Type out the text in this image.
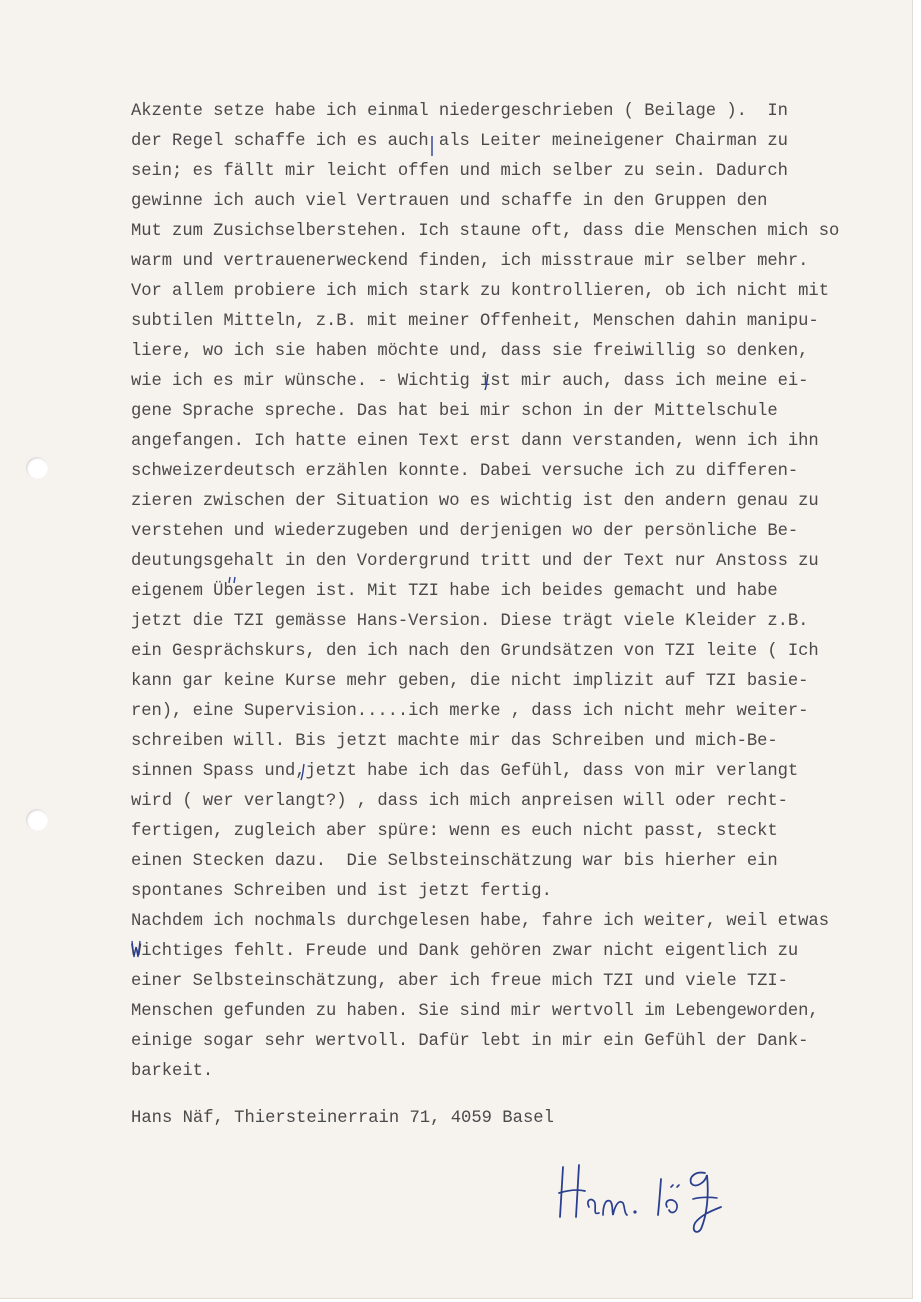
Akzente setze habe ich einmal niedergeschrieben ( Beilage ).  In
der Regel schaffe ich es auch als Leiter meineigener Chairman zu
sein; es fällt mir leicht offen und mich selber zu sein. Dadurch
gewinne ich auch viel Vertrauen und schaffe in den Gruppen den
Mut zum Zusichselberstehen. Ich staune oft, dass die Menschen mich so
warm und vertrauenerweckend finden, ich misstraue mir selber mehr.
Vor allem probiere ich mich stark zu kontrollieren, ob ich nicht mit
subtilen Mitteln, z.B. mit meiner Offenheit, Menschen dahin manipu-
liere, wo ich sie haben möchte und, dass sie freiwillig so denken,
wie ich es mir wünsche. - Wichtig ist mir auch, dass ich meine ei-
gene Sprache spreche. Das hat bei mir schon in der Mittelschule
angefangen. Ich hatte einen Text erst dann verstanden, wenn ich ihn
schweizerdeutsch erzählen konnte. Dabei versuche ich zu differen-
zieren zwischen der Situation wo es wichtig ist den andern genau zu
verstehen und wiederzugeben und derjenigen wo der persönliche Be-
deutungsgehalt in den Vordergrund tritt und der Text nur Anstoss zu
eigenem Überlegen ist. Mit TZI habe ich beides gemacht und habe
jetzt die TZI gemässe Hans-Version. Diese trägt viele Kleider z.B.
ein Gesprächskurs, den ich nach den Grundsätzen von TZI leite ( Ich
kann gar keine Kurse mehr geben, die nicht implizit auf TZI basie-
ren), eine Supervision.....ich merke , dass ich nicht mehr weiter-
schreiben will. Bis jetzt machte mir das Schreiben und mich-Be-
sinnen Spass und,jetzt habe ich das Gefühl, dass von mir verlangt
wird ( wer verlangt?) , dass ich mich anpreisen will oder recht-
fertigen, zugleich aber spüre: wenn es euch nicht passt, steckt
einen Stecken dazu.  Die Selbsteinschätzung war bis hierher ein
spontanes Schreiben und ist jetzt fertig.
Nachdem ich nochmals durchgelesen habe, fahre ich weiter, weil etwas
Wichtiges fehlt. Freude und Dank gehören zwar nicht eigentlich zu
einer Selbsteinschätzung, aber ich freue mich TZI und viele TZI-
Menschen gefunden zu haben. Sie sind mir wertvoll im Lebengeworden,
einige sogar sehr wertvoll. Dafür lebt in mir ein Gefühl der Dank-
barkeit.
Hans Näf, Thiersteinerrain 71, 4059 Basel
